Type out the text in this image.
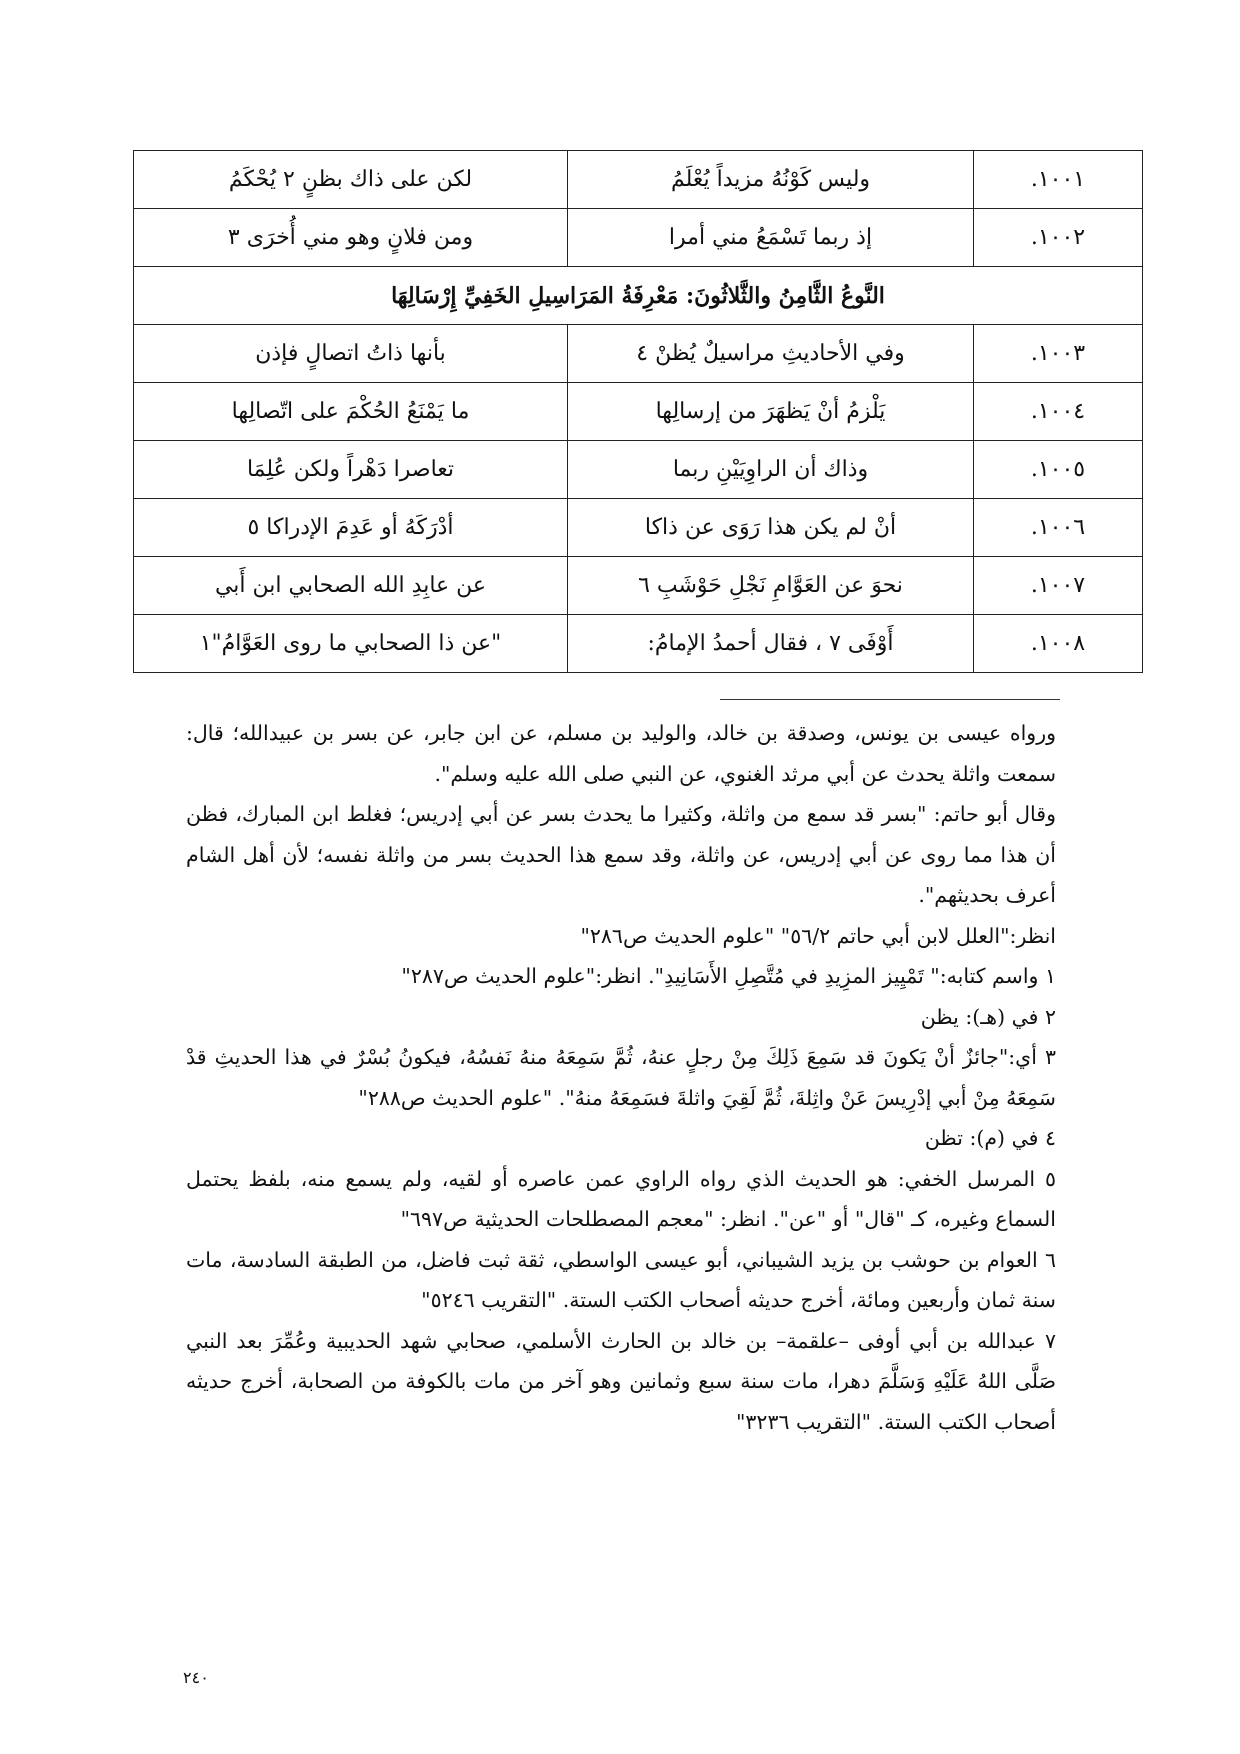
.١٠٠١	وليس كَوْنُهُ مزيداً يُعْلَمُ	لكن على ذاك بظنٍ ٢ يُحْكَمُ
.١٠٠٢	إذ ربما تَسْمَعُ مني أمرا	ومن فلانٍ وهو مني أُخرَى ٣
النَّوعُ الثَّامِنُ والثَّلاثُونَ: مَعْرِفَةُ المَرَاسِيلِ الخَفِيِّ إِرْسَالِهَا		
.١٠٠٣	وفي الأحاديثِ مراسيلٌ يُظنْ ٤	بأنها ذاتُ اتصالٍ فإذن
.١٠٠٤	يَلْزمُ أنْ يَظهَرَ من إرسالِها	ما يَمْنَعُ الحُكْمَ على اتّصالِها
.١٠٠٥	وذاك أن الراوِيَيْنِ ربما	تعاصرا دَهْراً ولكن عُلِمَا
.١٠٠٦	أنْ لم يكن هذا رَوَى عن ذاكا	أدْرَكَهُ أو عَدِمَ الإدراكا ٥
.١٠٠٧	نحوَ عن العَوَّامِ نَجْلِ حَوْشَبِ ٦	عن عابِدِ الله الصحابي ابن أَبي
.١٠٠٨	أَوْفَى ٧ ، فقال أحمدُ الإمامُ:	"عن ذا الصحابي ما روى العَوَّامُ"١

ورواه عيسى بن يونس، وصدقة بن خالد، والوليد بن مسلم، عن ابن جابر، عن بسر بن عبيدالله؛ قال: سمعت واثلة يحدث عن أبي مرثد الغنوي، عن النبي صلى الله عليه وسلم".

وقال أبو حاتم: "بسر قد سمع من واثلة، وكثيرا ما يحدث بسر عن أبي إدريس؛ فغلط ابن المبارك، فظن أن هذا مما روى عن أبي إدريس، عن واثلة، وقد سمع هذا الحديث بسر من واثلة نفسه؛ لأن أهل الشام أعرف بحديثهم".

انظر:"العلل لابن أبي حاتم ٥٦/٢" "علوم الحديث ص٢٨٦"

١ واسم كتابه:" تَمْيِيز المزِيدِ في مُتَّصِلِ الأَسَانِيدِ". انظر:"علوم الحديث ص٢٨٧"

٢ في (هـ): يظن

٣ أي:"جائزٌ أنْ يَكونَ قد سَمِعَ ذَلِكَ مِنْ رجلٍ عنهُ، ثُمَّ سَمِعَهُ منهُ نَفسُهُ، فيكونُ بُسْرٌ في هذا الحديثِ قدْ سَمِعَهُ مِنْ أبي إدْرِيسَ عَنْ واثِلةَ، ثُمَّ لَقِيَ واثلةَ فسَمِعَهُ منهُ". "علوم الحديث ص٢٨٨"

٤ في (م): تظن

٥ المرسل الخفي: هو الحديث الذي رواه الراوي عمن عاصره أو لقيه، ولم يسمع منه، بلفظ يحتمل السماع وغيره، كـ "قال" أو "عن". انظر: "معجم المصطلحات الحديثية ص٦٩٧"

٦ العوام بن حوشب بن يزيد الشيباني، أبو عيسى الواسطي، ثقة ثبت فاضل، من الطبقة السادسة، مات سنة ثمان وأربعين ومائة، أخرج حديثه أصحاب الكتب الستة. "التقريب ٥٢٤٦"

٧ عبدالله بن أبي أوفى –علقمة– بن خالد بن الحارث الأسلمي، صحابي شهد الحديبية وعُمِّرَ بعد النبي صَلَّى اللهُ عَلَيْهِ وَسَلَّمَ دهرا، مات سنة سبع وثمانين وهو آخر من مات بالكوفة من الصحابة، أخرج حديثه أصحاب الكتب الستة. "التقريب ٣٢٣٦"

٢٤٠
